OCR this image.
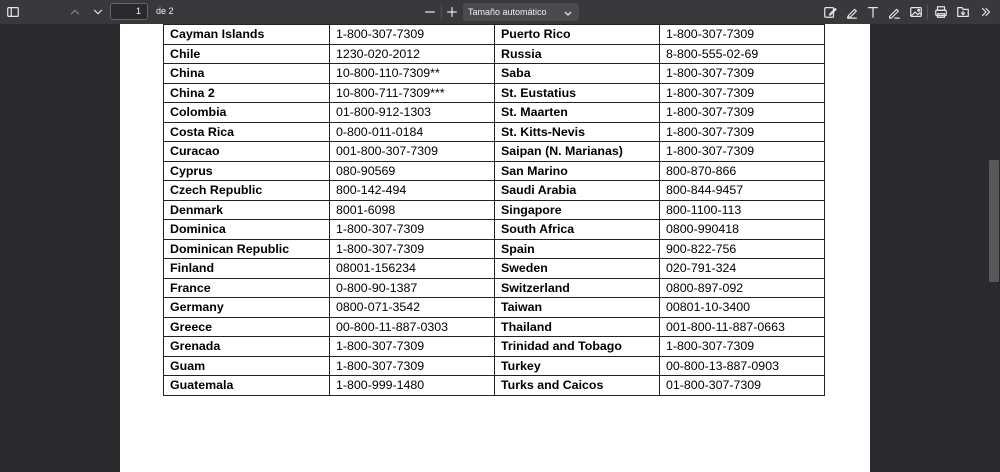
1	de 2	Tamaño automático
Cayman Islands	1-800-307-7309	Puerto Rico	1-800-307-7309
Chile	1230-020-2012	Russia	8-800-555-02-69
China	10-800-110-7309**	Saba	1-800-307-7309
China 2	10-800-711-7309***	St. Eustatius	1-800-307-7309
Colombia	01-800-912-1303	St. Maarten	1-800-307-7309
Costa Rica	0-800-011-0184	St. Kitts-Nevis	1-800-307-7309
Curacao	001-800-307-7309	Saipan (N. Marianas)	1-800-307-7309
Cyprus	080-90569	San Marino	800-870-866
Czech Republic	800-142-494	Saudi Arabia	800-844-9457
Denmark	8001-6098	Singapore	800-1100-113
Dominica	1-800-307-7309	South Africa	0800-990418
Dominican Republic	1-800-307-7309	Spain	900-822-756
Finland	08001-156234	Sweden	020-791-324
France	0-800-90-1387	Switzerland	0800-897-092
Germany	0800-071-3542	Taiwan	00801-10-3400
Greece	00-800-11-887-0303	Thailand	001-800-11-887-0663
Grenada	1-800-307-7309	Trinidad and Tobago	1-800-307-7309
Guam	1-800-307-7309	Turkey	00-800-13-887-0903
Guatemala	1-800-999-1480	Turks and Caicos	01-800-307-7309
